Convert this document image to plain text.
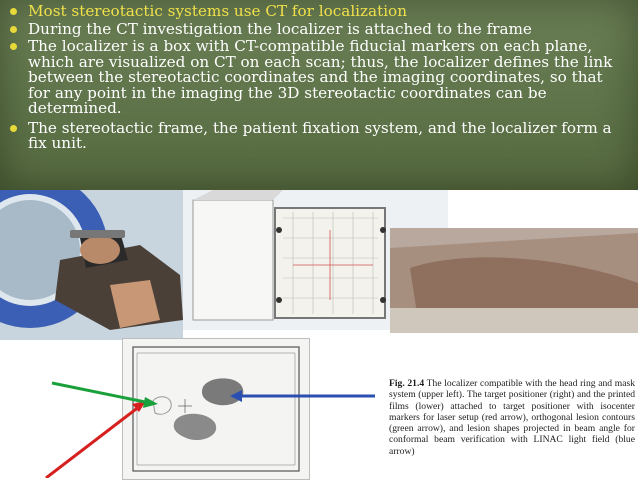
Most stereotactic systems use CT for localization
During the CT investigation the localizer is attached to the frame
The localizer is a box with CT-compatible fiducial markers on each plane, which are visualized on CT on each scan; thus, the localizer defines the link between the stereotactic coordinates and the imaging coordinates, so that for any point in the imaging the 3D stereotactic coordinates can be determined.
The stereotactic frame, the patient fixation system, and the localizer form a fix unit.
Fig. 21.4 The localizer compatible with the head ring and mask system (upper left). The target positioner (right) and the printed films (lower) attached to target positioner with isocenter markers for laser setup (red arrow), orthogonal lesion contours (green arrow), and lesion shapes projected in beam angle for conformal beam verification with LINAC light field (blue arrow)
